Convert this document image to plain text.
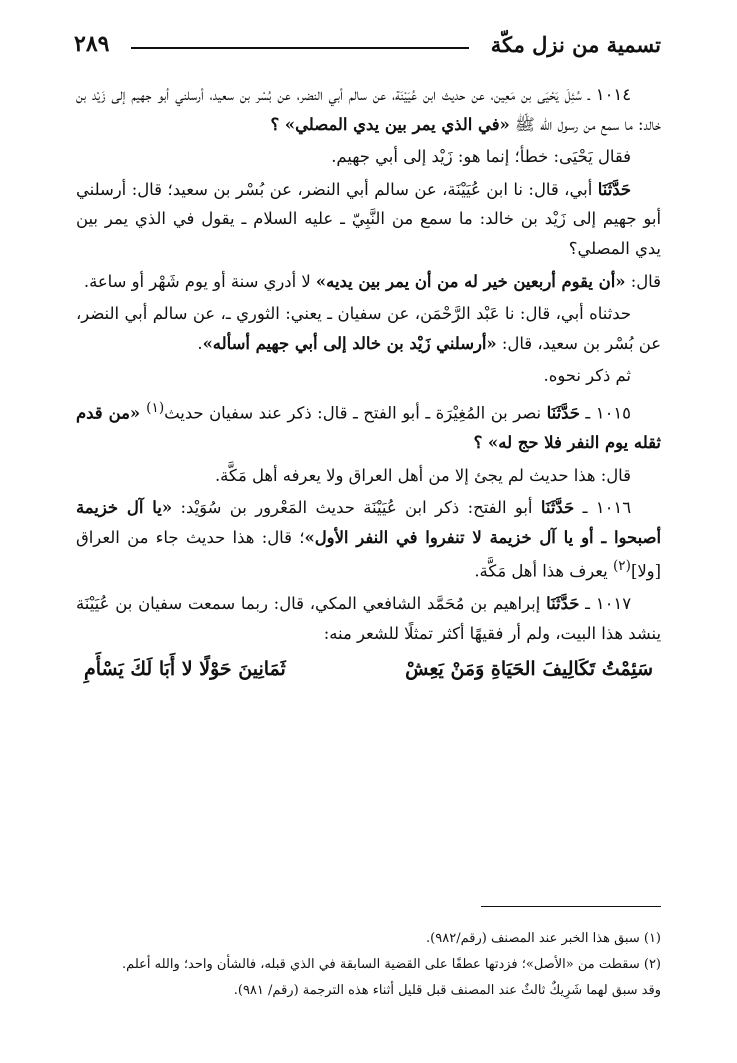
تسمية من نزل مكّة
٢٨٩

١٠١٤ ـ سُئِلَ يَحْيَى بن مَعِين، عن حديث ابن عُيَيْنَة، عن سالم أبي النضر، عن بُسْر بن سعيد، أرسلني أبو جهيم إلى زَيْد بن خالد: ما سمع من رسول الله ﷺ «في الذي يمر بين يدي المصلي» ؟

فقال يَحْيَى: خطأ؛ إنما هو: زَيْد إلى أبي جهيم.

حَدَّثَنَا أبي، قال: نا ابن عُيَيْنَة، عن سالم أبي النضر، عن بُسْر بن سعيد؛ قال: أرسلني أبو جهيم إلى زَيْد بن خالد: ما سمع من النَّبِيّ ـ عليه السلام ـ يقول في الذي يمر بين يدي المصلي؟

قال: «أن يقوم أربعين خير له من أن يمر بين يديه» لا أدري سنة أو يوم شَهْر أو ساعة.

حدثناه أبي، قال: نا عَبْد الرَّحْمَن، عن سفيان ـ يعني: الثوري ـ، عن سالم أبي النضر، عن بُسْر بن سعيد، قال: «أرسلني زَيْد بن خالد إلى أبي جهيم أسأله».

ثم ذكر نحوه.

١٠١٥ ـ حَدَّثَنَا نصر بن المُغِيْرَة ـ أبو الفتح ـ قال: ذكر عند سفيان حديث$^{(١)}$ «من قدم ثقله يوم النفر فلا حج له» ؟

قال: هذا حديث لم يجئ إلا من أهل العراق ولا يعرفه أهل مَكَّة.

١٠١٦ ـ حَدَّثَنَا أبو الفتح: ذكر ابن عُيَيْنَة حديث المَعْرور بن سُوَيْد: «يا آل خزيمة أصبحوا ـ أو يا آل خزيمة لا تنفروا في النفر الأول»؛ قال: هذا حديث جاء من العراق [ولا]$^{(٢)}$ يعرف هذا أهل مَكَّة.

١٠١٧ ـ حَدَّثَنَا إبراهيم بن مُحَمَّد الشافعي المكي، قال: ربما سمعت سفيان بن عُيَيْنَة ينشد هذا البيت، ولم أر فقيهًا أكثر تمثلًا للشعر منه:

سَئِمْتُ تَكَالِيفَ الحَيَاةِ وَمَنْ يَعِشْ
ثَمَانِينَ حَوْلًا لا أَبَا لَكَ يَسْأَمِ

(١) سبق هذا الخبر عند المصنف (رقم/٩٨٢).

(٢) سقطت من «الأصل»؛ فزدتها عطفًا على القضية السابقة في الذي قبله، فالشأن واحد؛ والله أعلم.

وقد سبق لهما شَرِيكٌ ثالثٌ عند المصنف قبل قليل أثناء هذه الترجمة (رقم/ ٩٨١).
